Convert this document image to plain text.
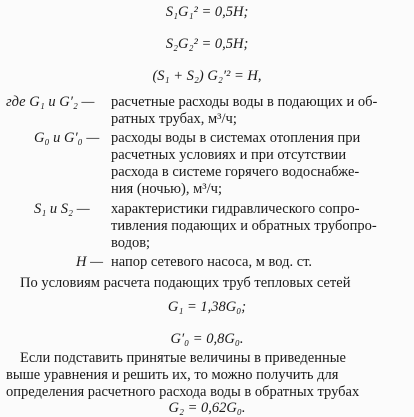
S₁G₁² = 0,5H;
S₂G₂² = 0,5H;
(S₁ + S₂) G₂′² = H,
где G₁ и G′₂ — расчетные расходы воды в подающих и об-
ратных трубах, м³/ч;
G₀ и G′₀ — расходы воды в системах отопления при
расчетных условиях и при отсутствии
расхода в системе горячего водоснабже-
ния (ночью), м³/ч;
S₁ и S₂ — характеристики гидравлического сопро-
тивления подающих и обратных трубопро-
водов;
H — напор сетевого насоса, м вод. ст.
По условиям расчета подающих труб тепловых сетей
G₁ = 1,38G₀;
G′₀ = 0,8G₀.
Если подставить принятые величины в приведенные
выше уравнения и решить их, то можно получить для
определения расчетного расхода воды в обратных трубах
G₂ = 0,62G₀.
